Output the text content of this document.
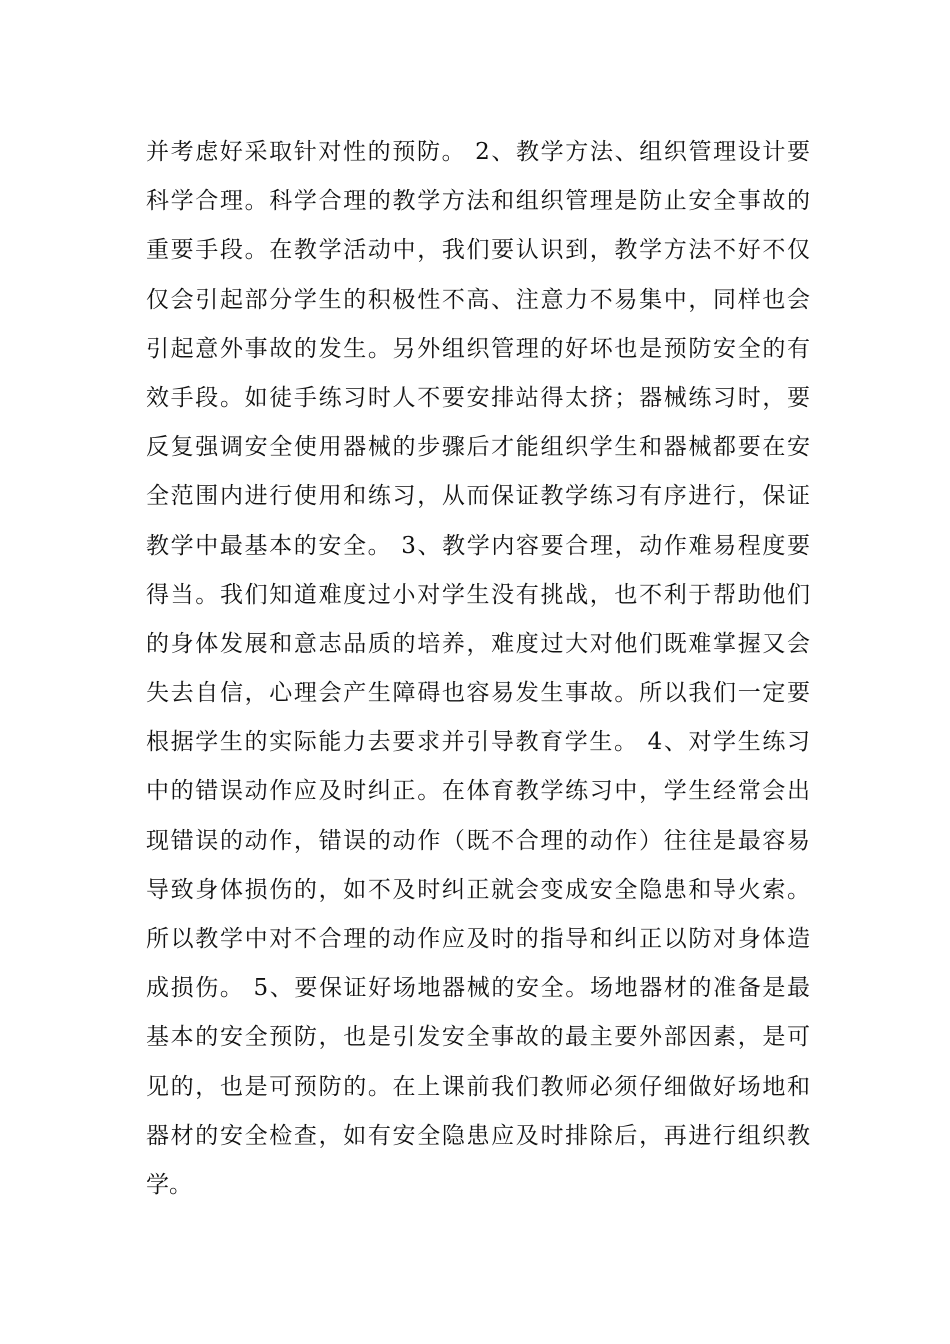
并考虑好采取针对性的预防。 2、教学方法、组织管理设计要
科学合理。科学合理的教学方法和组织管理是防止安全事故的
重要手段。在教学活动中，我们要认识到，教学方法不好不仅
仅会引起部分学生的积极性不高、注意力不易集中，同样也会
引起意外事故的发生。另外组织管理的好坏也是预防安全的有
效手段。如徒手练习时人不要安排站得太挤；器械练习时，要
反复强调安全使用器械的步骤后才能组织学生和器械都要在安
全范围内进行使用和练习，从而保证教学练习有序进行，保证
教学中最基本的安全。 3、教学内容要合理，动作难易程度要
得当。我们知道难度过小对学生没有挑战，也不利于帮助他们
的身体发展和意志品质的培养，难度过大对他们既难掌握又会
失去自信，心理会产生障碍也容易发生事故。所以我们一定要
根据学生的实际能力去要求并引导教育学生。 4、对学生练习
中的错误动作应及时纠正。在体育教学练习中，学生经常会出
现错误的动作，错误的动作（既不合理的动作）往往是最容易
导致身体损伤的，如不及时纠正就会变成安全隐患和导火索。
所以教学中对不合理的动作应及时的指导和纠正以防对身体造
成损伤。 5、要保证好场地器械的安全。场地器材的准备是最
基本的安全预防，也是引发安全事故的最主要外部因素，是可
见的，也是可预防的。在上课前我们教师必须仔细做好场地和
器材的安全检查，如有安全隐患应及时排除后，再进行组织教
学。
